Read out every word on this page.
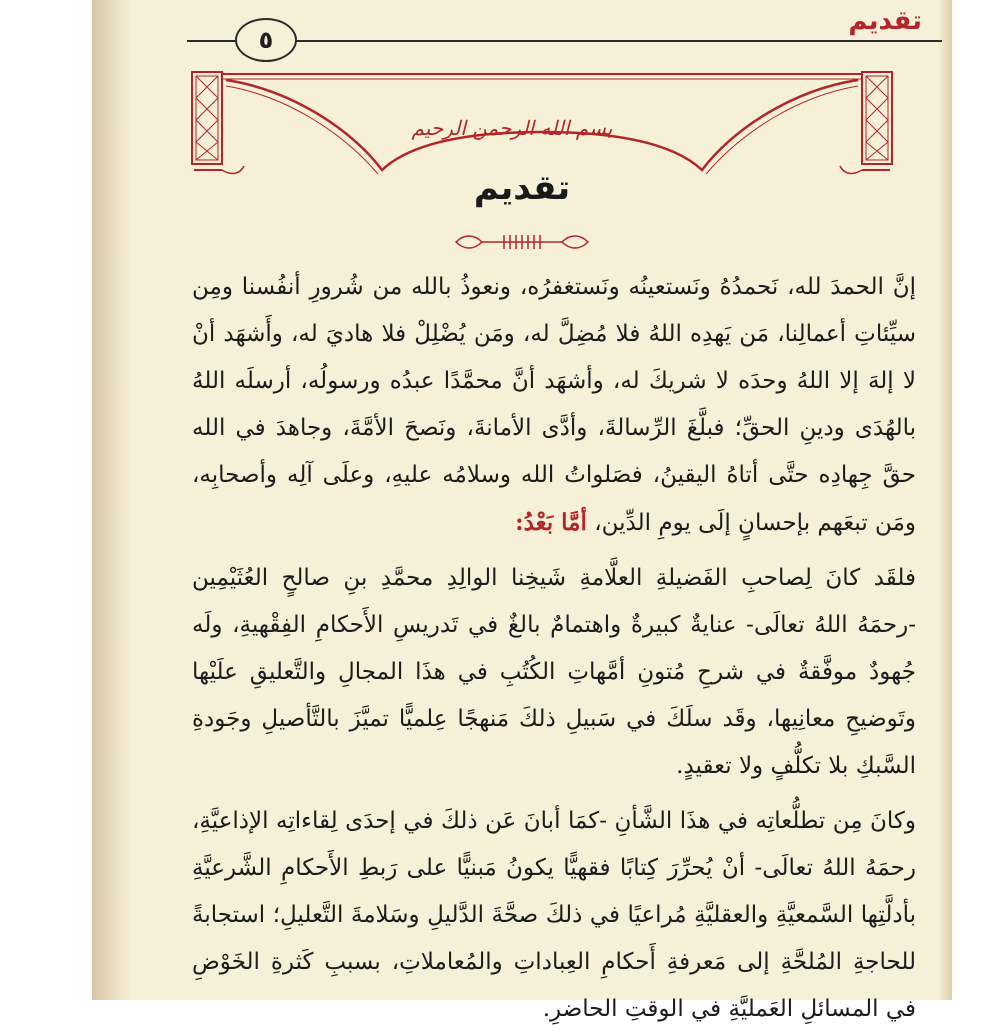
تقديم
٥
بسم الله الرحمن الرحيم
تقديم

إنَّ الحمدَ لله، نَحمدُهُ ونَستعينُه ونَستغفرُه، ونعوذُ بالله من شُرورِ أنفُسنا ومِن سيِّئاتِ أعمالِنا، مَن يَهدِه اللهُ فلا مُضِلَّ له، ومَن يُضْلِلْ فلا هاديَ له، وأَشهَد أنْ لا إلهَ إلا اللهُ وحدَه لا شريكَ له، وأشهَد أنَّ محمَّدًا عبدُه ورسولُه، أرسلَه اللهُ بالهُدَى ودينِ الحقِّ؛ فبلَّغَ الرِّسالةَ، وأدَّى الأمانةَ، ونَصحَ الأمَّةَ، وجاهدَ في الله حقَّ جِهادِه حتَّى أتاهُ اليقينُ، فصَلواتُ الله وسلامُه عليهِ، وعلَى آلِه وأصحابِه، ومَن تبعَهم بإحسانٍ إلَى يومِ الدِّين، أمَّا بَعْدُ:

فلقَد كانَ لِصاحبِ الفَضيلةِ العلَّامةِ شَيخِنا الوالِدِ محمَّدِ بنِ صالحٍ العُثَيْمِين -رحمَهُ اللهُ تعالَى- عنايةٌ كبيرةٌ واهتمامٌ بالغٌ في تَدريسِ الأَحكامِ الفِقْهيةِ، ولَه جُهودٌ موفَّقةٌ في شرحِ مُتونِ أمَّهاتِ الكُتُبِ في هذَا المجالِ والتَّعليقِ علَيْها وتَوضيحِ معانِيها، وقَد سلَكَ في سَبيلِ ذلكَ مَنهجًا عِلميًّا تميَّزَ بالتَّأصيلِ وجَودةِ السَّبكِ بلا تكلُّفٍ ولا تعقيدٍ.

وكانَ مِن تطلُّعاتِه في هذَا الشَّأنِ -كمَا أبانَ عَن ذلكَ في إحدَى لِقاءاتِه الإذاعيَّةِ، رحمَهُ اللهُ تعالَى- أنْ يُحرِّرَ كِتابًا فقهيًّا يكونُ مَبنيًّا على رَبطِ الأَحكامِ الشَّرعيَّةِ بأدلَّتِها السَّمعيَّةِ والعقليَّةِ مُراعيًا في ذلكَ صحَّةَ الدَّليلِ وسَلامةَ التَّعليلِ؛ استجابةً للحاجةِ المُلحَّةِ إلى مَعرفةِ أَحكامِ العِباداتِ والمُعاملاتِ، بسببِ كَثرةِ الخَوْضِ في المسائلِ العَمليَّةِ في الوقتِ الحاضرِ.
